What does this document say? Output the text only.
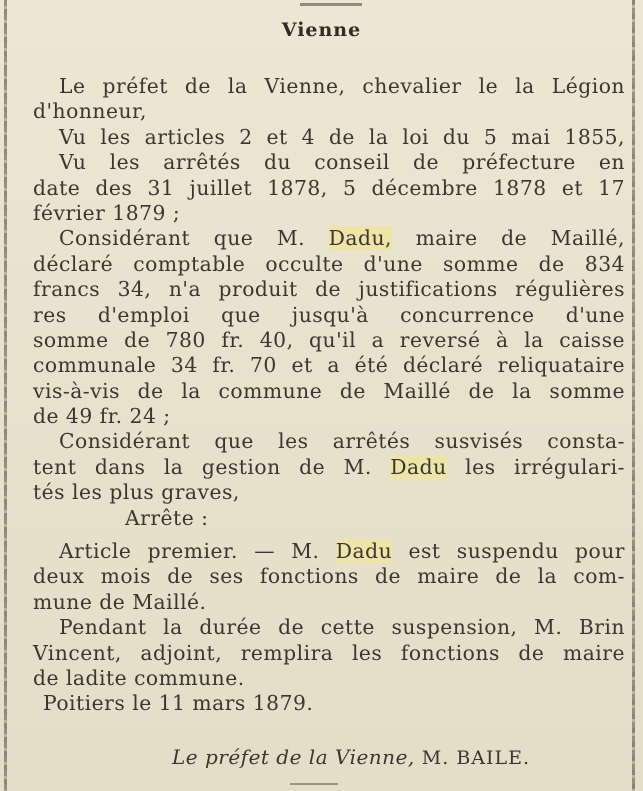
Vienne
Le préfet de la Vienne, chevalier le la Légion
d'honneur,
Vu les articles 2 et 4 de la loi du 5 mai 1855,
Vu les arrêtés du conseil de préfecture en
date des 31 juillet 1878, 5 décembre 1878 et 17
février 1879 ;
Considérant que M. Dadu, maire de Maillé,
déclaré comptable occulte d'une somme de 834
francs 34, n'a produit de justifications régulières
res d'emploi que jusqu'à concurrence d'une
somme de 780 fr. 40, qu'il a reversé à la caisse
communale 34 fr. 70 et a été déclaré reliquataire
vis-à-vis de la commune de Maillé de la somme
de 49 fr. 24 ;
Considérant que les arrêtés susvisés consta-
tent dans la gestion de M. Dadu les irrégulari-
tés les plus graves,
Arrête :
Article premier. — M. Dadu est suspendu pour
deux mois de ses fonctions de maire de la com-
mune de Maillé.
Pendant la durée de cette suspension, M. Brin
Vincent, adjoint, remplira les fonctions de maire
de ladite commune.
Poitiers le 11 mars 1879.
Le préfet de la Vienne, M. BAILE.
